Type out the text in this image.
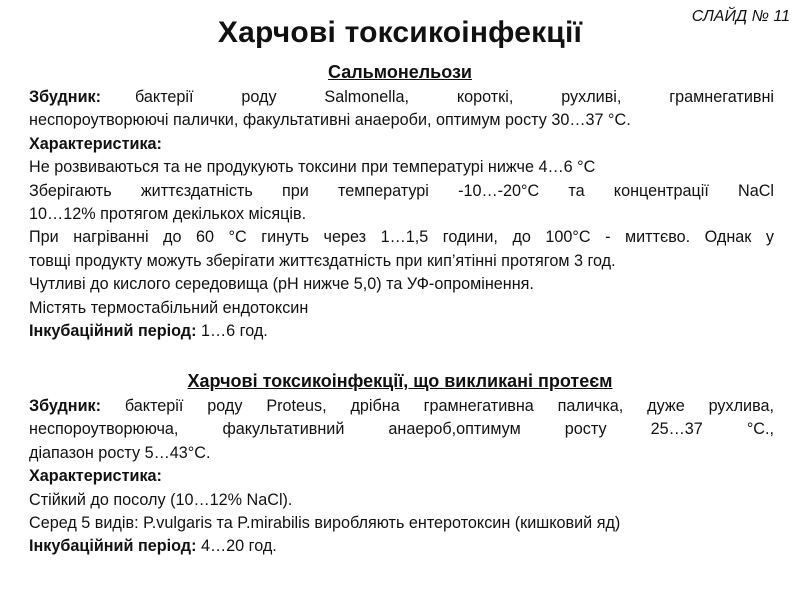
СЛАЙД № 11
Харчові токсикоінфекції
Сальмонельози
Збудник: бактерії роду Salmonella, короткі, рухливі, грамнегативні
неспороутворюючі палички, факультативні анаероби, оптимум росту 30…37 °С.
Характеристика:
Не розвиваються та не продукують токсини при температурі нижче 4…6 °С
Зберігають життєздатність при температурі -10…-20°С та концентрації NaCl
10…12% протягом декількох місяців.
При нагріванні до 60 °С гинуть через 1…1,5 години, до 100°С - миттєво. Однак у
товщі продукту можуть зберігати життєздатність при кип’ятінні протягом 3 год.
Чутливі до кислого середовища (рН нижче 5,0) та УФ-опромінення.
Містять термостабільний ендотоксин
Інкубаційний період: 1…6 год.
Харчові токсикоінфекції, що викликані протеєм
Збудник: бактерії роду Proteus, дрібна грамнегативна паличка, дуже рухлива,
неспороутворююча, факультативний анаероб,оптимум росту 25…37 °С.,
діапазон росту 5…43°С.
Характеристика:
Стійкий до посолу (10…12% NaCl).
Серед 5 видів: P.vulgaris та P.mirabilis виробляють ентеротоксин (кишковий яд)
Інкубаційний період: 4…20 год.
